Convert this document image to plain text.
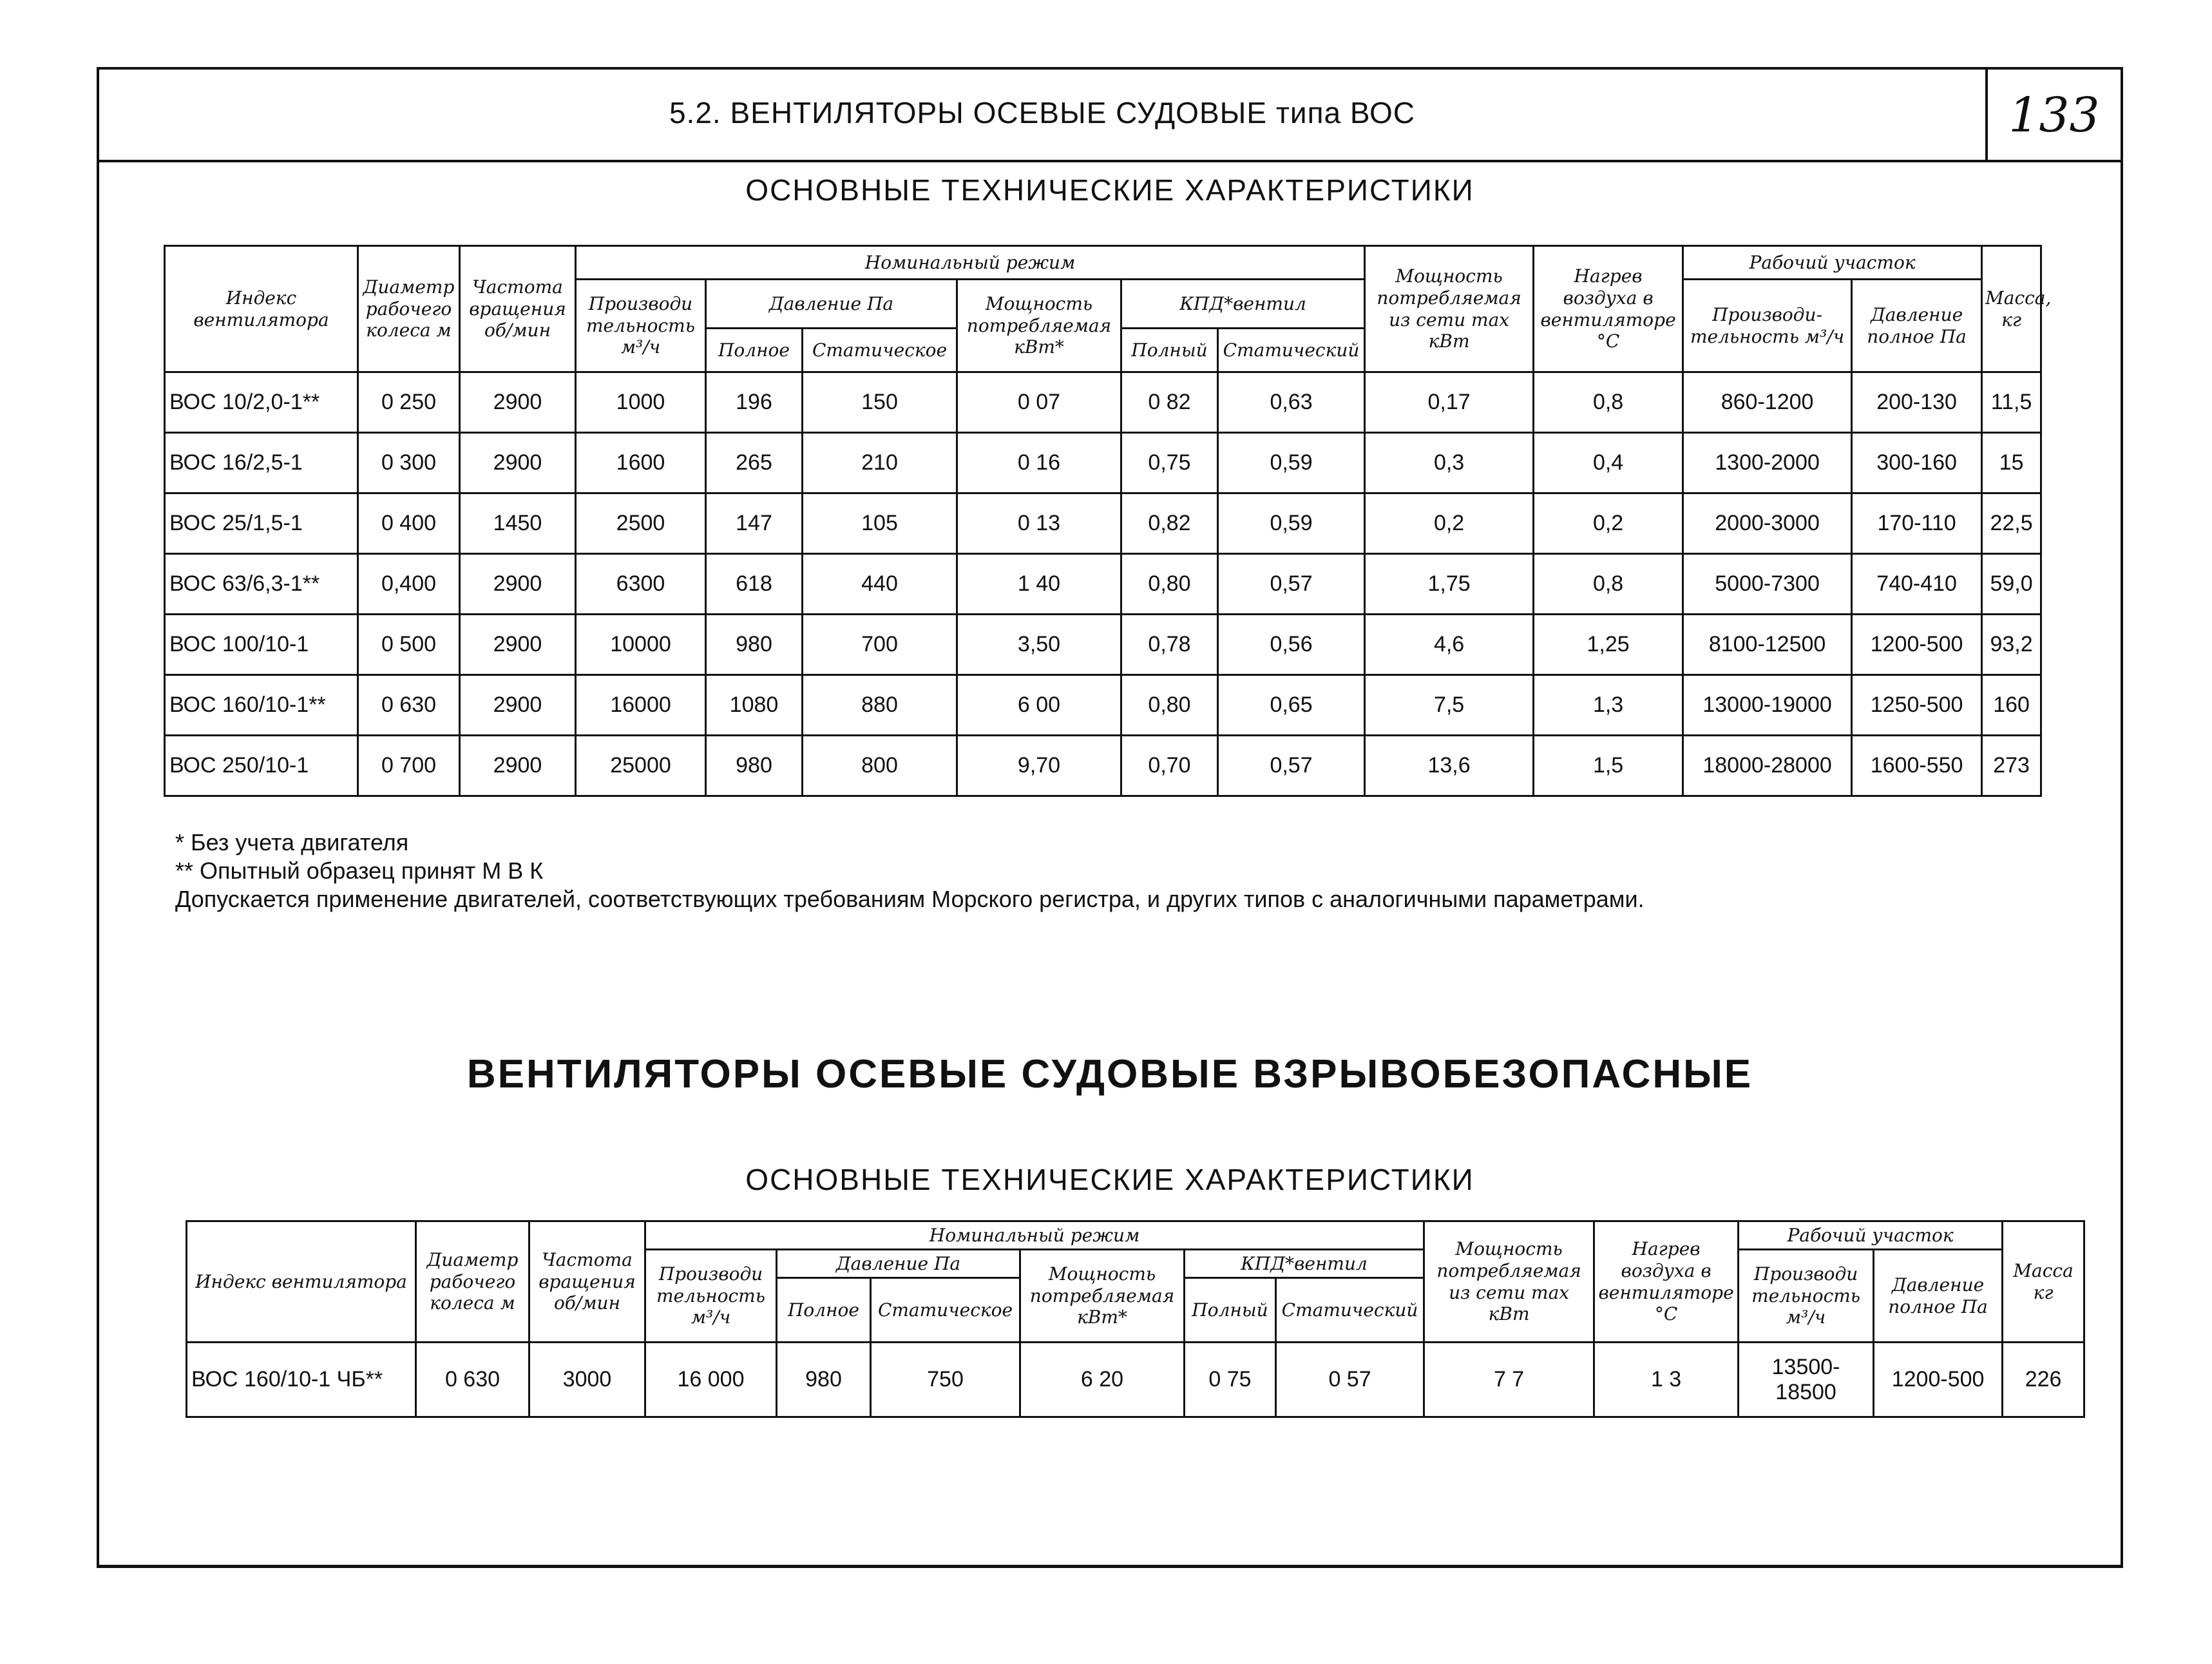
5.2. ВЕНТИЛЯТОРЫ ОСЕВЫЕ СУДОВЫЕ типа ВОС	133
ОСНОВНЫЕ ТЕХНИЧЕСКИЕ ХАРАКТЕРИСТИКИ
Индекс вентилятора	Диаметр рабочего колеса м	Частота вращения об/мин	Номинальный режим						Мощность потребляемая из сети max кВт	Нагрев воздуха в вентиляторе °С	Рабочий участок		Масса, кг
			Производи тельность м³/ч	Давление Па		Мощность потребляемая кВт*	КПД*вентил				Производи-тельность м³/ч	Давление полное Па	
				Полное	Статическое		Полный	Статический					
ВОС 10/2,0-1**	0 250	2900	1000	196	150	0 07	0 82	0,63	0,17	0,8	860-1200	200-130	11,5
ВОС 16/2,5-1	0 300	2900	1600	265	210	0 16	0,75	0,59	0,3	0,4	1300-2000	300-160	15
ВОС 25/1,5-1	0 400	1450	2500	147	105	0 13	0,82	0,59	0,2	0,2	2000-3000	170-110	22,5
ВОС 63/6,3-1**	0,400	2900	6300	618	440	1 40	0,80	0,57	1,75	0,8	5000-7300	740-410	59,0
ВОС 100/10-1	0 500	2900	10000	980	700	3,50	0,78	0,56	4,6	1,25	8100-12500	1200-500	93,2
ВОС 160/10-1**	0 630	2900	16000	1080	880	6 00	0,80	0,65	7,5	1,3	13000-19000	1250-500	160
ВОС 250/10-1	0 700	2900	25000	980	800	9,70	0,70	0,57	13,6	1,5	18000-28000	1600-550	273
* Без учета двигателя
** Опытный образец принят М В К
Допускается применение двигателей, соответствующих требованиям Морского регистра, и других типов с аналогичными параметрами.
ВЕНТИЛЯТОРЫ ОСЕВЫЕ СУДОВЫЕ ВЗРЫВОБЕЗОПАСНЫЕ
ОСНОВНЫЕ ТЕХНИЧЕСКИЕ ХАРАКТЕРИСТИКИ
Индекс вентилятора	Диаметр рабочего колеса м	Частота вращения об/мин	Номинальный режим						Мощность потребляемая из сети max кВт	Нагрев воздуха в вентиляторе °С	Рабочий участок		Масса кг
			Производи тельность м³/ч	Давление Па		Мощность потребляемая кВт*	КПД*вентил				Производи тельность м³/ч	Давление полное Па	
				Полное	Статическое		Полный	Статический					
ВОС 160/10-1 ЧБ**	0 630	3000	16 000	980	750	6 20	0 75	0 57	7 7	1 3	13500-18500	1200-500	226
